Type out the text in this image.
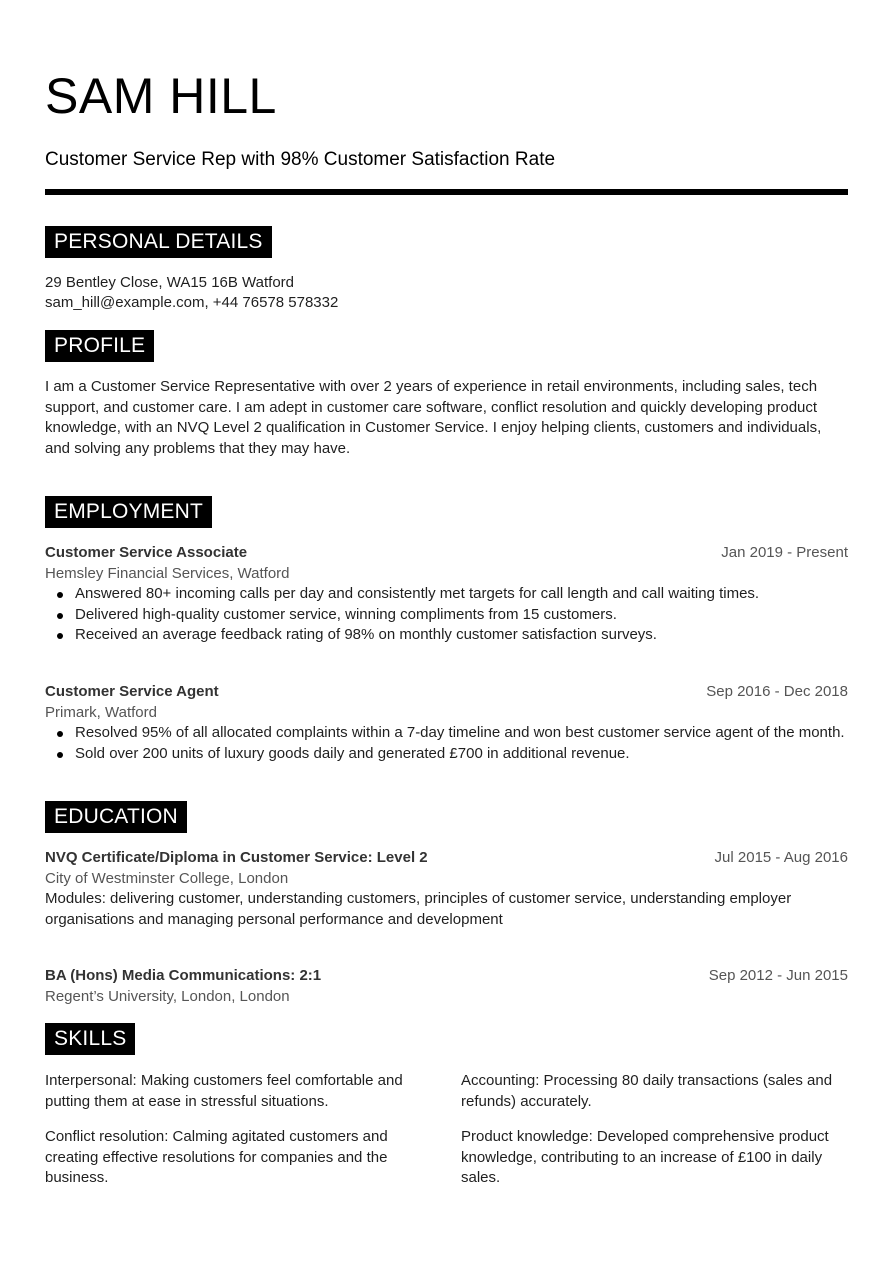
SAM HILL

Customer Service Rep with 98% Customer Satisfaction Rate

PERSONAL DETAILS

29 Bentley Close, WA15 16B Watford

sam_hill@example.com, +44 76578 578332

PROFILE

I am a Customer Service Representative with over 2 years of experience in retail environments, including sales, tech support, and customer care. I am adept in customer care software, conflict resolution and quickly developing product knowledge, with an NVQ Level 2 qualification in Customer Service. I enjoy helping clients, customers and individuals, and solving any problems that they may have.

EMPLOYMENT

Customer Service Associate	Jan 2019 - Present

Hemsley Financial Services, Watford

Answered 80+ incoming calls per day and consistently met targets for call length and call waiting times.
Delivered high-quality customer service, winning compliments from 15 customers.
Received an average feedback rating of 98% on monthly customer satisfaction surveys.

Customer Service Agent	Sep 2016 - Dec 2018

Primark, Watford

Resolved 95% of all allocated complaints within a 7-day timeline and won best customer service agent of the month.
Sold over 200 units of luxury goods daily and generated £700 in additional revenue.
EDUCATION

NVQ Certificate/Diploma in Customer Service: Level 2	Jul 2015 - Aug 2016

City of Westminster College, London

Modules: delivering customer, understanding customers, principles of customer service, understanding employer organisations and managing personal performance and development

BA (Hons) Media Communications: 2:1	Sep 2012 - Jun 2015

Regent’s University, London, London

SKILLS

Interpersonal: Making customers feel comfortable and putting them at ease in stressful situations.

Accounting: Processing 80 daily transactions (sales and refunds) accurately.

Conflict resolution: Calming agitated customers and creating effective resolutions for companies and the business.

Product knowledge: Developed comprehensive product knowledge, contributing to an increase of £100 in daily sales.
